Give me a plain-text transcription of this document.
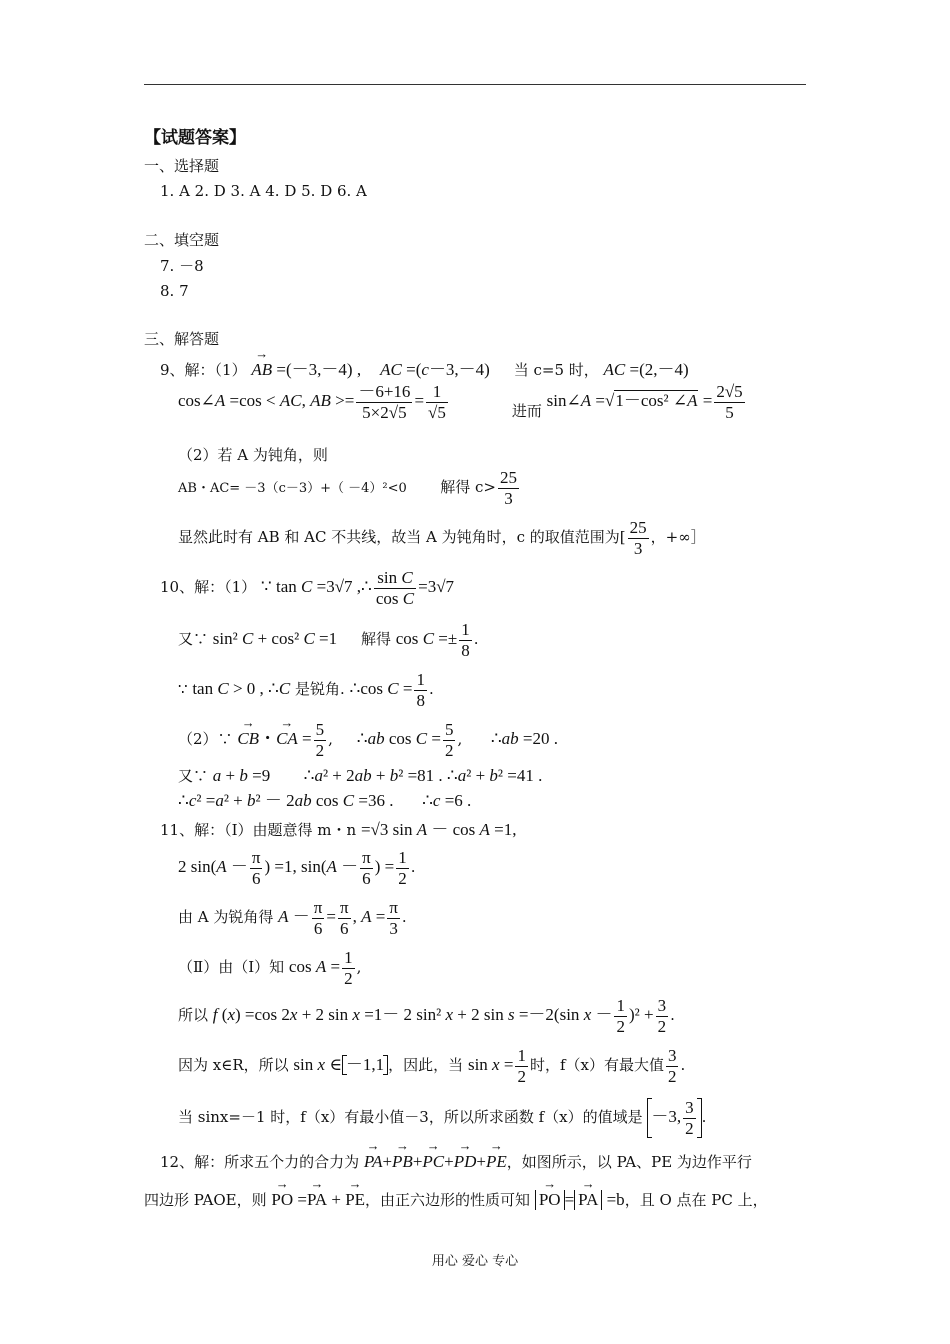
【试题答案】
一、选择题
1. A 2. D 3. A 4. D 5. D 6. A
二、填空题
7. －8
8. 7
三、解答题
9、解：（1） → AB =(－3,－4) , AC =(c－3,－4) 当 c=5 时， AC =(2,－4)
cos∠A =cos < AC, AB >= $\frac{-6+16}{5\times 2√5} = \frac{1}{√5}$	进而 sin∠A =√1－cos² ∠A = $\frac{2√5}{5}$
（2）若 A 为钝角，则
AB・AC= －3（c－3）+（ －4）²<0 解得 $c> \frac{25}{3}$
显然此时有 AB 和 AC 不共线，故当 A 为钝角时，c 的取值范围为[ $\frac{25}{3}$ ，+∞］
10、解：（1） ∵ tan C =3√7 ,∴ $\frac{\text{sin C}}{\text{cos C}} =3√7$
又∵ sin² C + cos² C =1 解得 $\cos C =\pm \frac{1}{8}$ .
∵ tan C > 0 , ∴C 是锐角. ∴cos $C = \frac{1}{8}$ .
（2）∵ → CB・→ CA = $\frac{5}{2}$ ,     ∴ab $\cos C = \frac{5}{2}$ ,      ∴ab =20 .
又∵ a + b =9 ∴a² + 2ab + b² =81 . ∴a² + b² =41 .
∴c² =a² + b² － 2ab cos C =36 . ∴c =6 .
11、解：（Ⅰ）由题意得 m・n =√3 sin A － cos A =1,
2 $\sin(A - \frac{\pi}{6}$ ) =1, $\sin(A - \frac{\pi}{6}$ ) = $\frac{1}{2}$ .
由 A 为锐角得 $A - \frac{\pi}{6} = \frac{\pi}{6}$ , $A = \frac{\pi}{3}$ .
（Ⅱ）由（Ⅰ）知 $\cos A = \frac{1}{2}$ ,
所以 f (x) =cos 2x + 2 sin x =1－ 2 sin² x + 2 sin s =－2(sin $x - \frac{1}{2} )^2 + \frac{3}{2}$ .
因为 x∈R，所以 sin x ∈ －1,1 ，因此，当 $\sin x = \frac{1}{2}$ 时，f（x）有最大值 $\frac{3}{2}$ .
当 sinx=－1 时，f（x）有最小值－3，所以所求函数 f（x）的值域是 －3, $\frac{3}{2}$ .
12、解：所求五个力的合力为 → PA+→ PB+→ PC+→ PD+→ PE，如图所示，以 PA、PE 为边作平行
四边形 PAOE，则 → PO =→ PA + → PE，由正六边形的性质可知 → PO = → PA =b，且 O 点在 PC 上，
用心 爱心 专心
